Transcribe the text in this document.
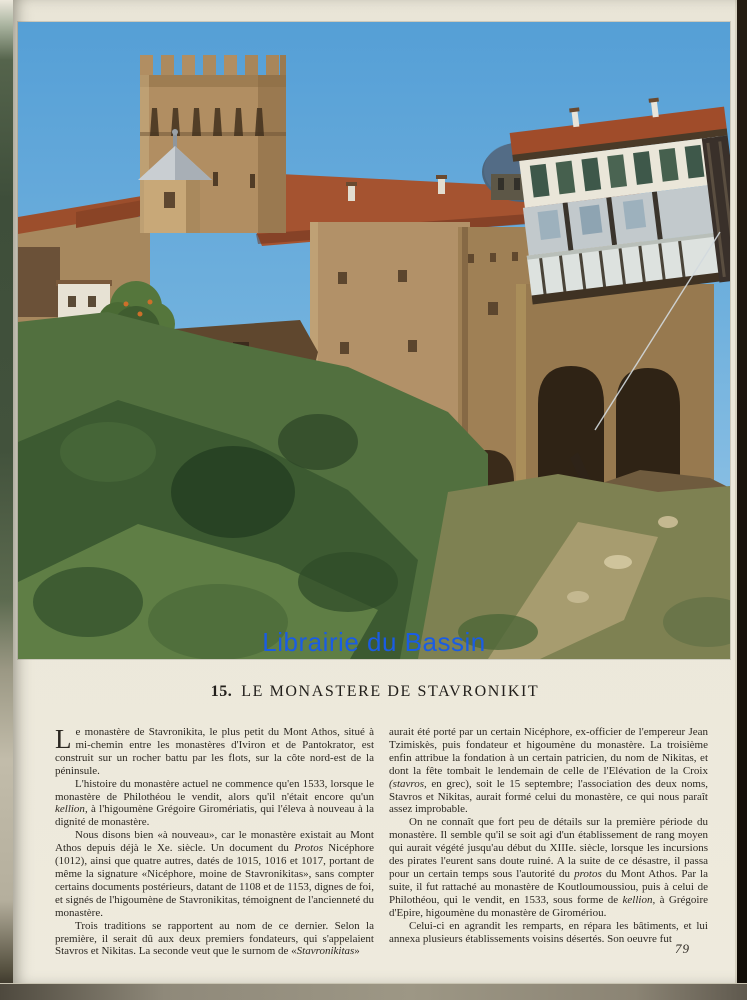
Librairie du Bassin
15. LE MONASTERE DE STAVRONIKIT

Le monastère de Stavronikita, le plus petit du Mont Athos, situé à mi-chemin entre les monastères d'Iviron et de Pantokrator, est construit sur un rocher battu par les flots, sur la côte nord-est de la péninsule.

L'histoire du monastère actuel ne commence qu'en 1533, lorsque le monastère de Philothéou le vendit, alors qu'il n'était encore qu'un kellion, à l'higoumène Grégoire Giromériatis, qui l'éleva à nouveau à la dignité de monastère.

Nous disons bien «à nouveau», car le monastère existait au Mont Athos depuis déjà le Xe. siècle. Un document du Protos Nicéphore (1012), ainsi que quatre autres, datés de 1015, 1016 et 1017, portant de même la signature «Nicéphore, moine de Stavronikitas», sans compter certains documents postérieurs, datant de 1108 et de 1153, dignes de foi, et signés de l'higoumène de Stavronikitas, témoignent de l'ancienneté du monastère.

Trois traditions se rapportent au nom de ce dernier. Selon la première, il serait dû aux deux premiers fondateurs, qui s'appelaient Stavros et Nikitas. La seconde veut que le surnom de «Stavronikitas»

aurait été porté par un certain Nicéphore, ex-officier de l'empereur Jean Tzimiskès, puis fondateur et higoumène du monastère. La troisième enfin attribue la fondation à un certain patricien, du nom de Nikitas, et dont la fête tombait le lendemain de celle de l'Elévation de la Croix (stavros, en grec), soit le 15 septembre; l'association des deux noms, Stavros et Nikitas, aurait formé celui du monastère, ce qui nous paraît assez improbable.

On ne connaît que fort peu de détails sur la première période du monastère. Il semble qu'il se soit agi d'un établissement de rang moyen qui aurait végété jusqu'au début du XIIIe. siècle, lorsque les incursions des pirates l'eurent sans doute ruiné. A la suite de ce désastre, il passa pour un certain temps sous l'autorité du protos du Mont Athos. Par la suite, il fut rattaché au monastère de Koutloumoussiou, puis à celui de Philothéou, qui le vendit, en 1533, sous forme de kellion, à Grégoire d'Epire, higoumène du monastère de Giromériou.

Celui-ci en agrandit les remparts, en répara les bâtiments, et lui annexa plusieurs établissements voisins désertés. Son oeuvre fut

79
